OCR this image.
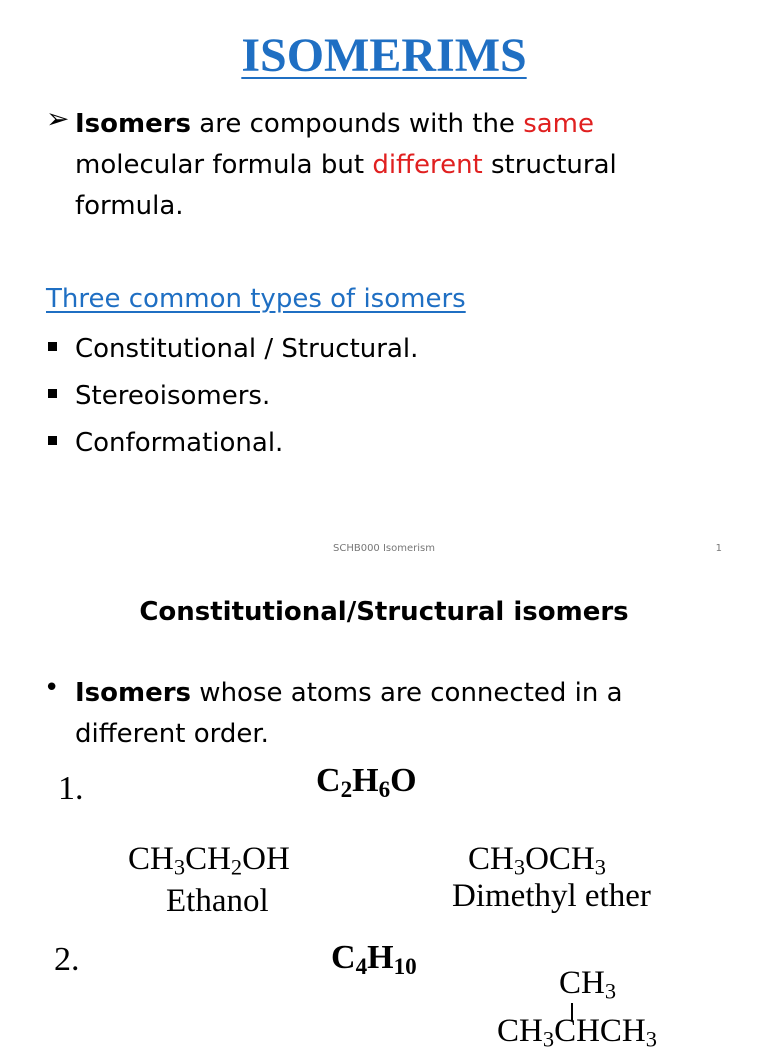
ISOMERIMS
➢ Isomers are compounds with the same molecular formula but different structural formula.
Three common types of isomers
Constitutional / Structural.
Stereoisomers.
Conformational.
SCHB000 Isomerism	1
Constitutional/Structural isomers
• Isomers whose atoms are connected in a different order.
1.	$C_2H_6O$
$CH_3CH_2OH$
Ethanol
$CH_3OCH_3$
Dimethyl ether
2.	$C_4H_{10}$	$CH_3$
$CH_3CHCH_3$
